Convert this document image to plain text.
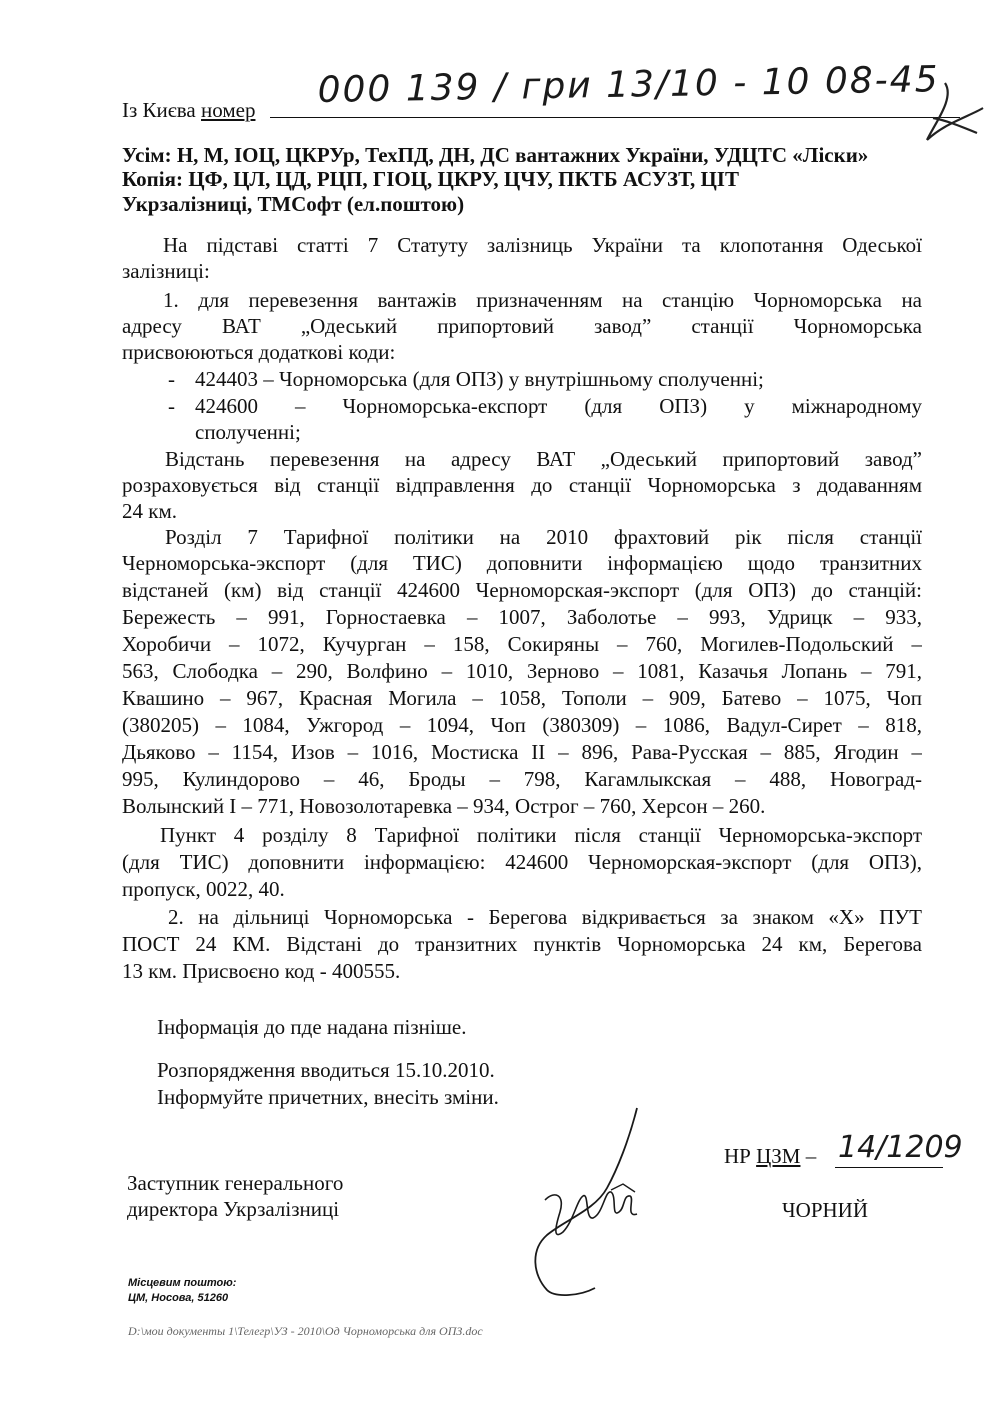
Із Києва номер 000 139 / гри 13/10 - 10 08-45
Усім: Н, М, ІОЦ, ЦКРУр, ТехПД, ДН, ДС вантажних України, УДЦТС «Ліски»
Копія: ЦФ, ЦЛ, ЦД, РЦП, ГІОЦ, ЦКРУ, ЦЧУ, ПКТБ АСУЗТ, ЦІТ
Укрзалізниці, ТМСофт (ел.поштою)
На підставі статті 7 Статуту залізниць України та клопотання Одеської
залізниці:
1. для перевезення вантажів призначенням на станцію Чорноморська на
адресу ВАТ „Одеський припортовий завод” станції Чорноморська
присвоюються додаткові коди:
- 424403 – Чорноморська (для ОПЗ) у внутрішньому сполученні;
- 424600 – Чорноморська-експорт (для ОПЗ) у міжнародному
сполученні;
Відстань перевезення на адресу ВАТ „Одеський припортовий завод”
розраховується від станції відправлення до станції Чорноморська з додаванням
24 км.
Розділ 7 Тарифної політики на 2010 фрахтовий рік після станції
Черноморська-экспорт (для ТИС) доповнити інформацією щодо транзитних
відстаней (км) від станції 424600 Черноморская-экспорт (для ОПЗ) до станцій:
Бережесть – 991, Горностаевка – 1007, Заболотье – 993, Удрицк – 933,
Хоробичи – 1072, Кучурган – 158, Сокиряны – 760, Могилев-Подольский –
563, Слободка – 290, Волфино – 1010, Зерново – 1081, Казачья Лопань – 791,
Квашино – 967, Красная Могила – 1058, Тополи – 909, Батево – 1075, Чоп
(380205) – 1084, Ужгород – 1094, Чоп (380309) – 1086, Вадул-Сирет – 818,
Дьяково – 1154, Изов – 1016, Мостиска II – 896, Рава-Русская – 885, Ягодин –
995, Кулиндорово – 46, Броды – 798, Кагамлыкская – 488, Новоград-
Волынский I – 771, Новозолотаревка – 934, Острог – 760, Херсон – 260.
Пункт 4 розділу 8 Тарифної політики після станції Черноморська-экспорт
(для ТИС) доповнити інформацією: 424600 Черноморская-экспорт (для ОПЗ),
пропуск, 0022, 40.
2. на дільниці Чорноморська - Берегова відкривається за знаком «Х» ПУТ
ПОСТ 24 КМ. Відстані до транзитних пунктів Чорноморська 24 км, Берегова
13 км. Присвоєно код - 400555.
Інформація до пде надана пізніше.
Розпорядження вводиться 15.10.2010.
Інформуйте причетних, внесіть зміни.
Заступник генерального
директора Укрзалізниці
НР ЦЗМ – 14/1209
ЧОРНИЙ
Місцевим поштою:
ЦМ, Носова, 51260
D:\мои документы 1\Телегр\УЗ - 2010\Од Чорноморська для ОПЗ.doc
